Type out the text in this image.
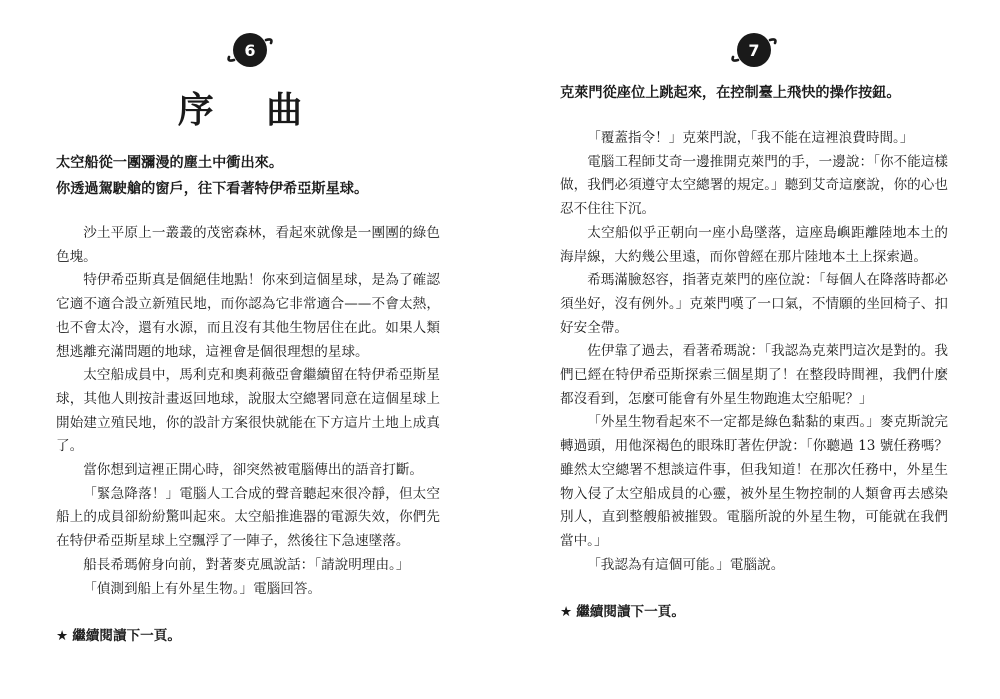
6
序 曲
太空船從一團瀰漫的塵土中衝出來。
你透過駕駛艙的窗戶，往下看著特伊希亞斯星球。

沙土平原上一叢叢的茂密森林，看起來就像是一團團的綠色色塊。

特伊希亞斯真是個絕佳地點！你來到這個星球，是為了確認它適不適合設立新殖民地，而你認為它非常適合——不會太熱，也不會太冷，還有水源，而且沒有其他生物居住在此。如果人類想逃離充滿問題的地球，這裡會是個很理想的星球。

太空船成員中，馬利克和奧莉薇亞會繼續留在特伊希亞斯星球，其他人則按計畫返回地球，說服太空總署同意在這個星球上開始建立殖民地，你的設計方案很快就能在下方這片土地上成真了。

當你想到這裡正開心時，卻突然被電腦傳出的語音打斷。

「緊急降落！」電腦人工合成的聲音聽起來很冷靜，但太空船上的成員卻紛紛驚叫起來。太空船推進器的電源失效，你們先在特伊希亞斯星球上空飄浮了一陣子，然後往下急速墜落。

船長希瑪俯身向前，對著麥克風說話：「請說明理由。」

「偵測到船上有外星生物。」電腦回答。

★ 繼續閱讀下一頁。
7
克萊門從座位上跳起來，在控制臺上飛快的操作按鈕。

「覆蓋指令！」克萊門說，「我不能在這裡浪費時間。」

電腦工程師艾奇一邊推開克萊門的手，一邊說：「你不能這樣做，我們必須遵守太空總署的規定。」聽到艾奇這麼說，你的心也忍不住往下沉。

太空船似乎正朝向一座小島墜落，這座島嶼距離陸地本土的海岸線，大約幾公里遠，而你曾經在那片陸地本土上探索過。

希瑪滿臉怒容，指著克萊門的座位說：「每個人在降落時都必須坐好，沒有例外。」克萊門嘆了一口氣，不情願的坐回椅子、扣好安全帶。

佐伊靠了過去，看著希瑪說：「我認為克萊門這次是對的。我們已經在特伊希亞斯探索三個星期了！在整段時間裡，我們什麼都沒看到，怎麼可能會有外星生物跑進太空船呢？」

「外星生物看起來不一定都是綠色黏黏的東西。」麥克斯說完轉過頭，用他深褐色的眼珠盯著佐伊說：「你聽過 13 號任務嗎？雖然太空總署不想談這件事，但我知道！在那次任務中，外星生物入侵了太空船成員的心靈，被外星生物控制的人類會再去感染別人，直到整艘船被摧毀。電腦所說的外星生物，可能就在我們當中。」

「我認為有這個可能。」電腦說。

★ 繼續閱讀下一頁。
